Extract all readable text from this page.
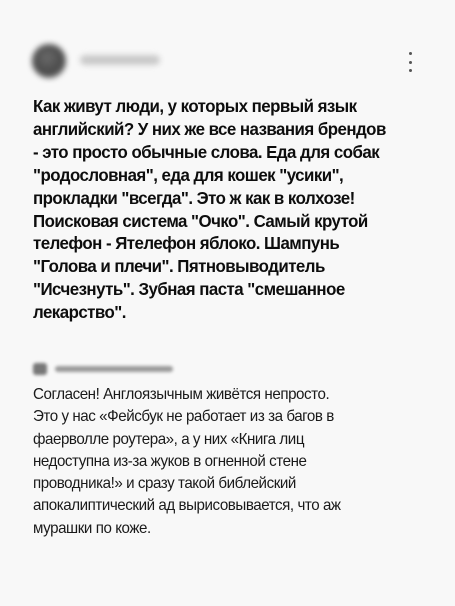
Как живут люди, у которых первый язык
английский? У них же все названия брендов
- это просто обычные слова. Еда для собак
"родословная", еда для кошек "усики",
прокладки "всегда". Это ж как в колхозе!
Поисковая система "Очко". Самый крутой
телефон - Ятелефон яблоко. Шампунь
"Голова и плечи". Пятновыводитель
"Исчезнуть". Зубная паста "смешанное
лекарство".
Согласен! Англоязычным живётся непросто.
Это у нас «Фейсбук не работает из за багов в
фаерволле роутера», а у них «Книга лиц
недоступна из-за жуков в огненной стене
проводника!» и сразу такой библейский
апокалиптический ад вырисовывается, что аж
мурашки по коже.
